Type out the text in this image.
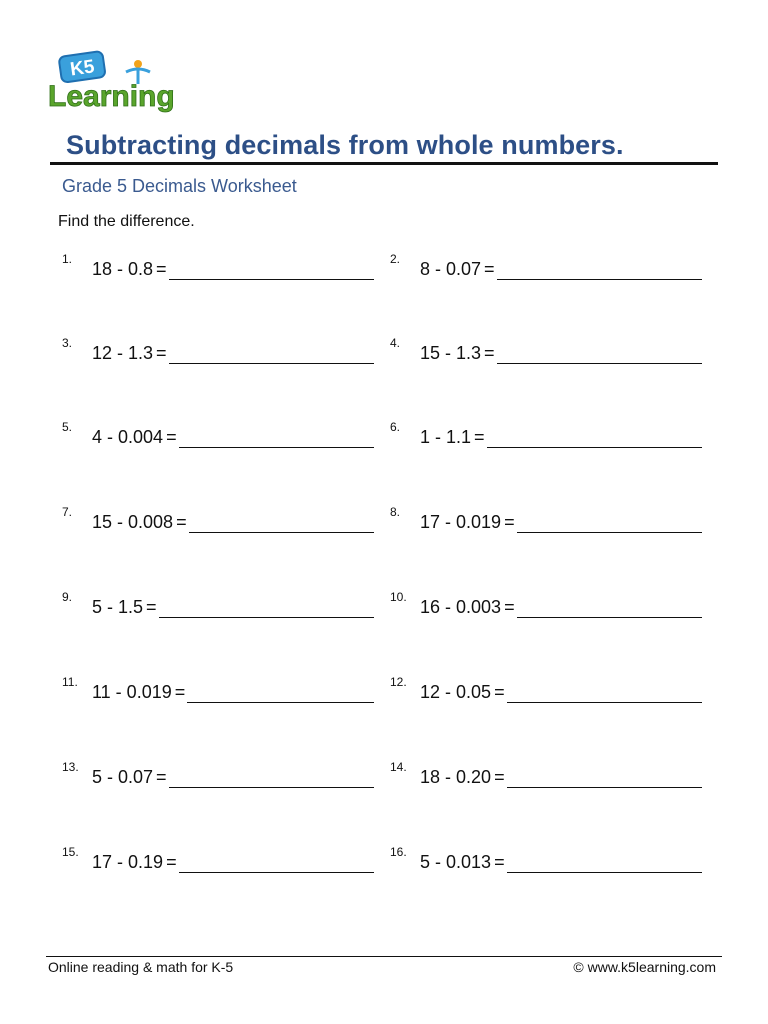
K5
Learning
Subtracting decimals from whole numbers.
Grade 5 Decimals Worksheet
Find the difference.
1.	18 - 0.8 =	2.	8 - 0.07 =
3.	12 - 1.3 =	4.	15 - 1.3 =
5.	4 - 0.004 =	6.	1 - 1.1 =
7.	15 - 0.008 =	8.	17 - 0.019 =
9.	5 - 1.5 =	10. 16 - 0.003 =
11. 11 - 0.019 =	12. 12 - 0.05 =
13. 5 - 0.07 =	14. 18 - 0.20 =
15. 17 - 0.19 =	16. 5 - 0.013 =
Online reading & math for K-5	© www.k5learning.com
